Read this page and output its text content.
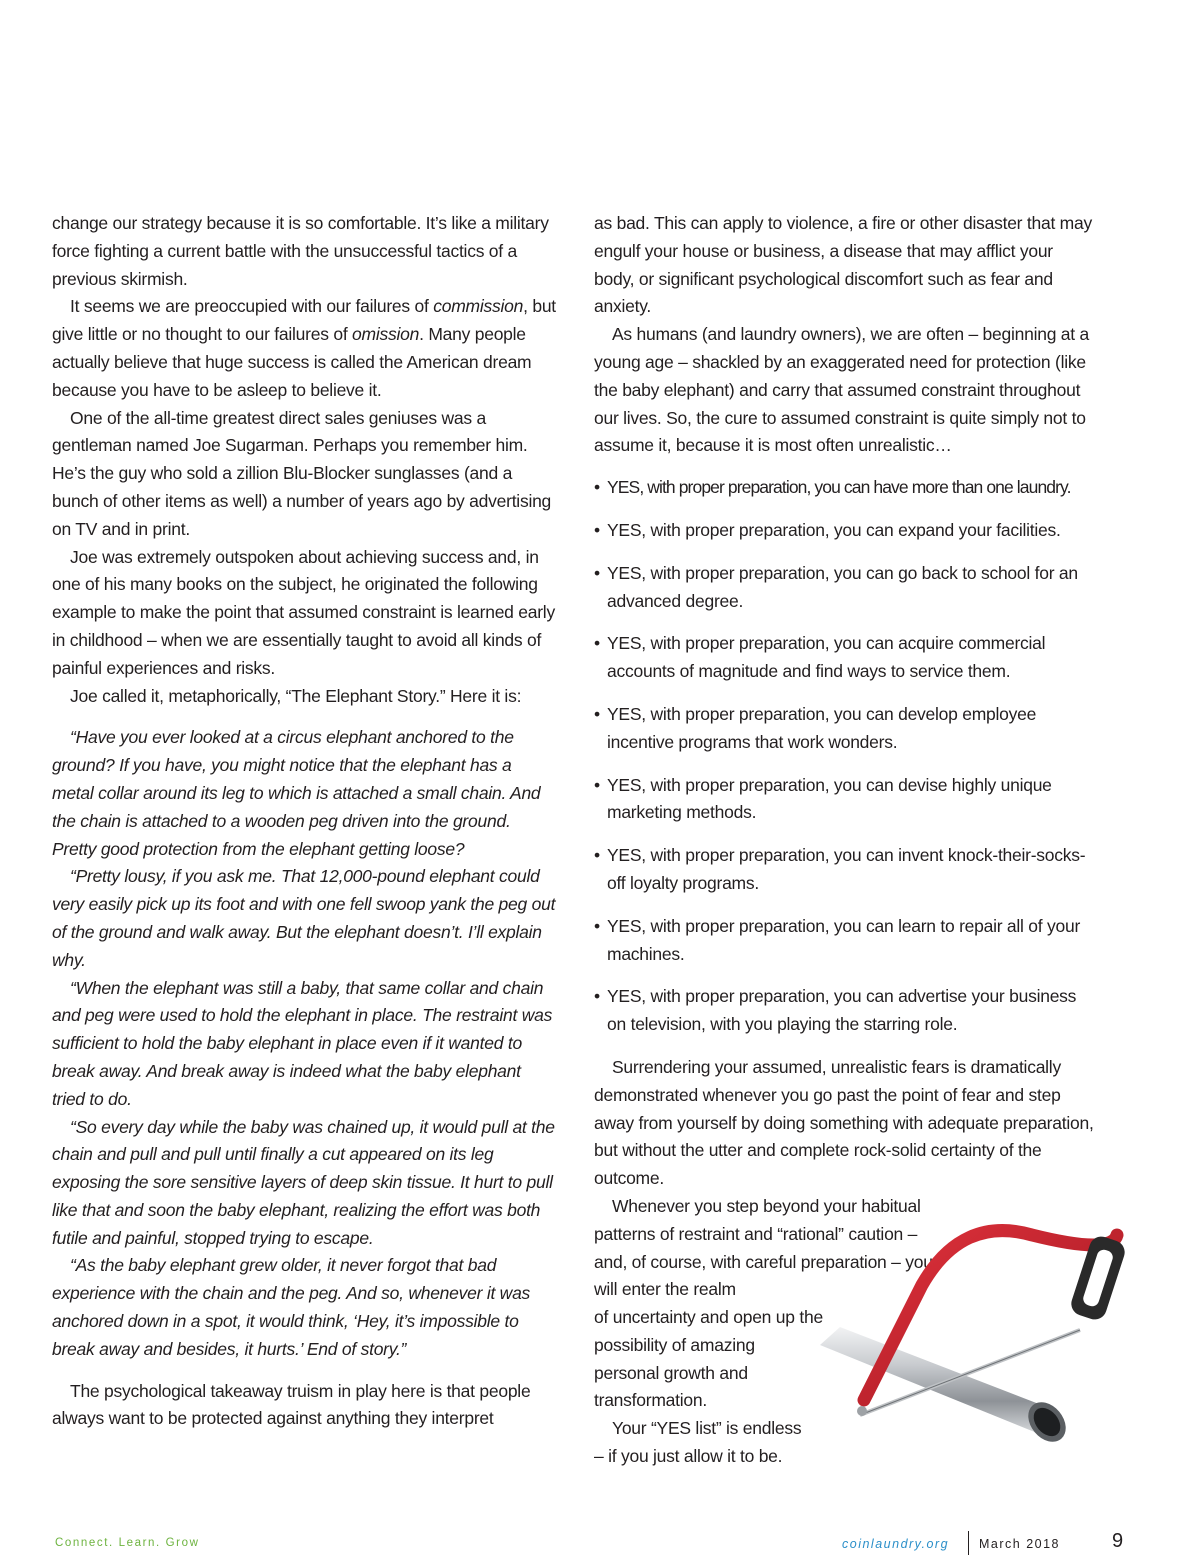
change our strategy because it is so comfortable. It’s like a military force fighting a current battle with the unsuccessful tactics of a previous skirmish.

It seems we are preoccupied with our failures of commission, but give little or no thought to our failures of omission. Many people actually believe that huge success is called the American dream because you have to be asleep to believe it.

One of the all-time greatest direct sales geniuses was a gentleman named Joe Sugarman. Perhaps you remember him. He’s the guy who sold a zillion Blu-Blocker sunglasses (and a bunch of other items as well) a number of years ago by advertising on TV and in print.

Joe was extremely outspoken about achieving success and, in one of his many books on the subject, he originated the following example to make the point that assumed constraint is learned early in childhood – when we are essentially taught to avoid all kinds of painful experiences and risks.

Joe called it, metaphorically, “The Elephant Story.” Here it is:

“Have you ever looked at a circus elephant anchored to the ground? If you have, you might notice that the elephant has a metal collar around its leg to which is attached a small chain. And the chain is attached to a wooden peg driven into the ground. Pretty good protection from the elephant getting loose?

“Pretty lousy, if you ask me. That 12,000-pound elephant could very easily pick up its foot and with one fell swoop yank the peg out of the ground and walk away. But the elephant doesn’t. I’ll explain why.

“When the elephant was still a baby, that same collar and chain and peg were used to hold the elephant in place. The restraint was sufficient to hold the baby elephant in place even if it wanted to break away. And break away is indeed what the baby elephant tried to do.

“So every day while the baby was chained up, it would pull at the chain and pull and pull until finally a cut appeared on its leg exposing the sore sensitive layers of deep skin tissue. It hurt to pull like that and soon the baby elephant, realizing the effort was both futile and painful, stopped trying to escape.

“As the baby elephant grew older, it never forgot that bad experience with the chain and the peg. And so, whenever it was anchored down in a spot, it would think, ‘Hey, it’s impossible to break away and besides, it hurts.’ End of story.”

The psychological takeaway truism in play here is that people always want to be protected against anything they interpret

as bad. This can apply to violence, a fire or other disaster that may engulf your house or business, a disease that may afflict your body, or significant psychological discomfort such as fear and anxiety.

As humans (and laundry owners), we are often – beginning at a young age – shackled by an exaggerated need for protection (like the baby elephant) and carry that assumed constraint throughout our lives. So, the cure to assumed constraint is quite simply not to assume it, because it is most often unrealistic…

• YES, with proper preparation, you can have more than one laundry.
• YES, with proper preparation, you can expand your facilities.
• YES, with proper preparation, you can go back to school for an advanced degree.
• YES, with proper preparation, you can acquire commercial accounts of magnitude and find ways to service them.
• YES, with proper preparation, you can develop employee incentive programs that work wonders.
• YES, with proper preparation, you can devise highly unique marketing methods.
• YES, with proper preparation, you can invent knock-their-socks-off loyalty programs.
• YES, with proper preparation, you can learn to repair all of your machines.
• YES, with proper preparation, you can advertise your business on television, with you playing the starring role.

Surrendering your assumed, unrealistic fears is dramatically demonstrated whenever you go past the point of fear and step away from yourself by doing something with adequate preparation, but without the utter and complete rock-solid certainty of the outcome.

Whenever you step beyond your habitual patterns of restraint and “rational” caution – and, of course, with careful preparation – you will enter the realm

of uncertainty and open up the

possibility of amazing personal growth and transformation.

Your “YES list” is endless – if you just allow it to be.

Connect. Learn. Grow	coinlaundry.org March 2018	9
